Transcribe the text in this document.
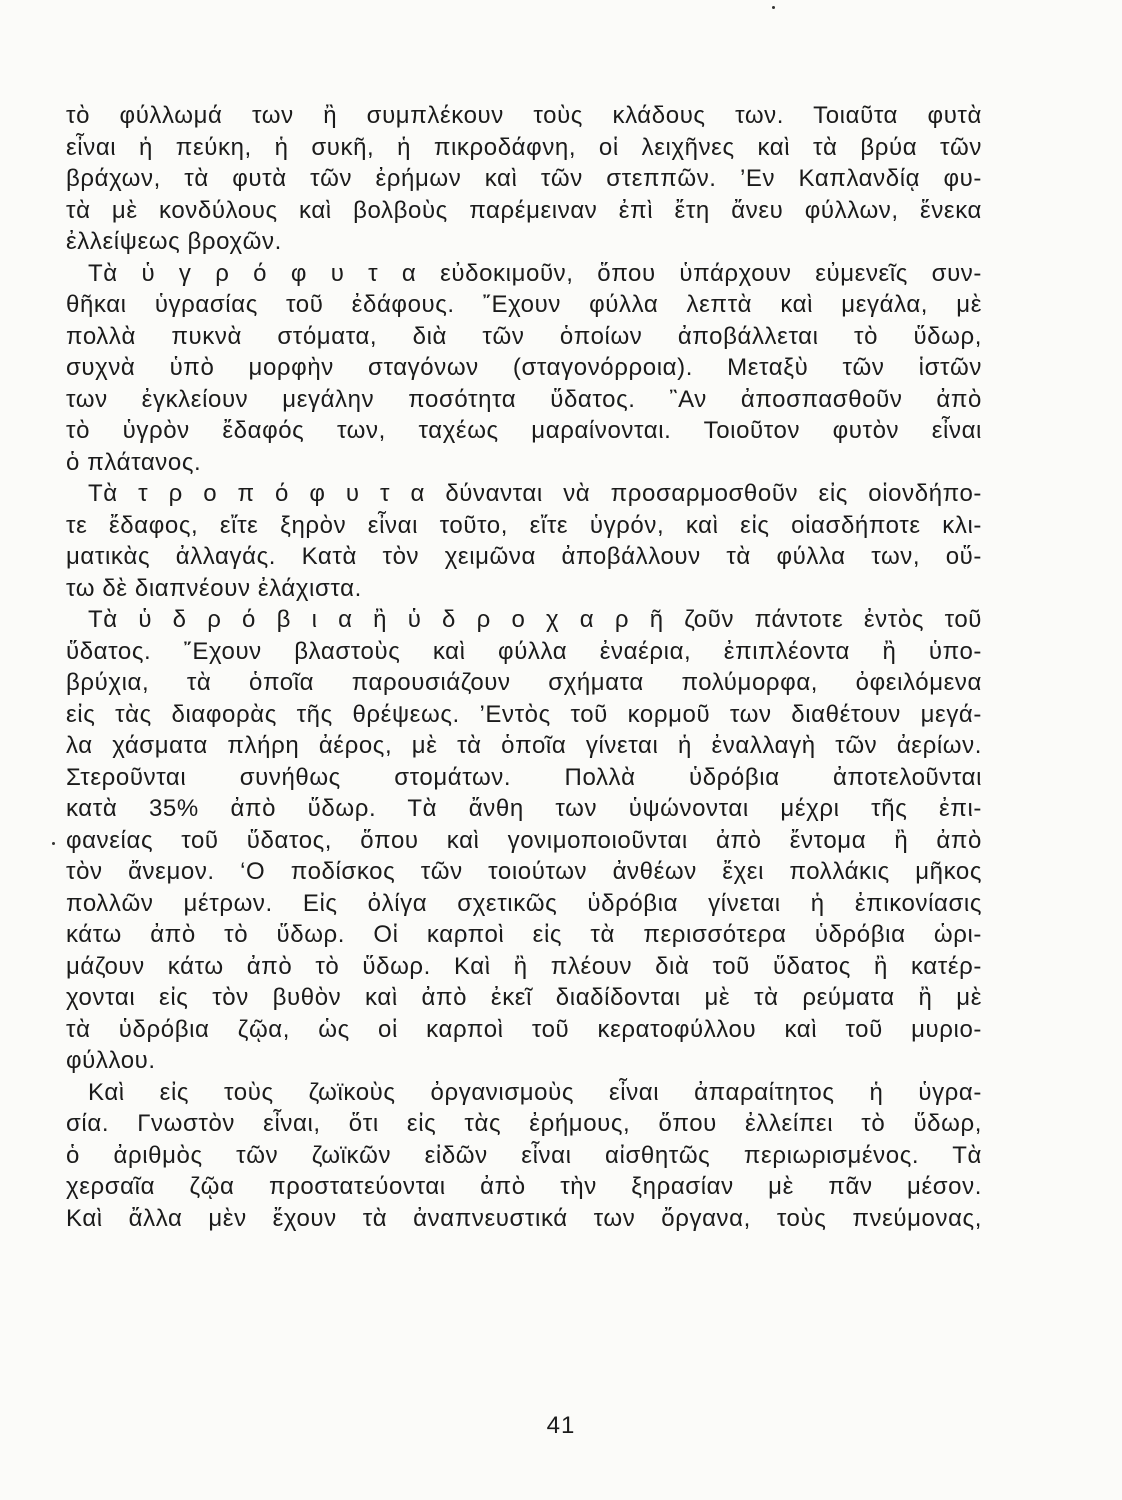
τὸ φύλλωμά των ἢ συμπλέκουν τοὺς κλάδους των. Τοιαῦτα φυτὰ
εἶναι ἡ πεύκη, ἡ συκῆ, ἡ πικροδάφνη, οἱ λειχῆνες καὶ τὰ βρύα τῶν
βράχων, τὰ φυτὰ τῶν ἐρήμων καὶ τῶν στεππῶν. ’Εν Καπλανδίᾳ φυ-
τὰ μὲ κονδύλους καὶ βολβοὺς παρέμειναν ἐπὶ ἔτη ἄνευ φύλλων, ἕνεκα
ἐλλείψεως βροχῶν.
Τὰ ὑ γ ρ ό φ υ τ α εὐδοκιμοῦν, ὅπου ὑπάρχουν εὐμενεῖς συν-
θῆκαι ὑγρασίας τοῦ ἐδάφους. ῎Εχουν φύλλα λεπτὰ καὶ μεγάλα, μὲ
πολλὰ πυκνὰ στόματα, διὰ τῶν ὁποίων ἀποβάλλεται τὸ ὕδωρ,
συχνὰ ὑπὸ μορφὴν σταγόνων (σταγονόρροια). Μεταξὺ τῶν ἱστῶν
των ἐγκλείουν μεγάλην ποσότητα ὕδατος. ῍Αν ἀποσπασθοῦν ἀπὸ
τὸ ὑγρὸν ἔδαφός των, ταχέως μαραίνονται. Τοιοῦτον φυτὸν εἶναι
ὁ πλάτανος.
Τὰ τ ρ ο π ό φ υ τ α δύνανται νὰ προσαρμοσθοῦν εἰς οἱονδήπο-
τε ἔδαφος, εἴτε ξηρὸν εἶναι τοῦτο, εἴτε ὑγρόν, καὶ εἰς οἱασδήποτε κλι-
ματικὰς ἀλλαγάς. Κατὰ τὸν χειμῶνα ἀποβάλλουν τὰ φύλλα των, οὕ-
τω δὲ διαπνέουν ἐλάχιστα.
Τὰ ὑ δ ρ ό β ι α ἢ ὑ δ ρ ο χ α ρ ῆ ζοῦν πάντοτε ἐντὸς τοῦ
ὕδατος. ῎Εχουν βλαστοὺς καὶ φύλλα ἐναέρια, ἐπιπλέοντα ἢ ὑπο-
βρύχια, τὰ ὁποῖα παρουσιάζουν σχήματα πολύμορφα, ὀφειλόμενα
εἰς τὰς διαφορὰς τῆς θρέψεως. ’Εντὸς τοῦ κορμοῦ των διαθέτουν μεγά-
λα χάσματα πλήρη ἀέρος, μὲ τὰ ὁποῖα γίνεται ἡ ἐναλλαγὴ τῶν ἀερίων.
Στεροῦνται συνήθως στομάτων. Πολλὰ ὑδρόβια ἀποτελοῦνται
κατὰ 35% ἀπὸ ὕδωρ. Τὰ ἄνθη των ὑψώνονται μέχρι τῆς ἐπι-
φανείας τοῦ ὕδατος, ὅπου καὶ γονιμοποιοῦνται ἀπὸ ἔντομα ἢ ἀπὸ
τὸν ἄνεμον. ‘Ο ποδίσκος τῶν τοιούτων ἀνθέων ἔχει πολλάκις μῆκος
πολλῶν μέτρων. Εἰς ὀλίγα σχετικῶς ὑδρόβια γίνεται ἡ ἐπικονίασις
κάτω ἀπὸ τὸ ὕδωρ. Οἱ καρποὶ εἰς τὰ περισσότερα ὑδρόβια ὡρι-
μάζουν κάτω ἀπὸ τὸ ὕδωρ. Καὶ ἢ πλέουν διὰ τοῦ ὕδατος ἢ κατέρ-
χονται εἰς τὸν βυθὸν καὶ ἀπὸ ἐκεῖ διαδίδονται μὲ τὰ ρεύματα ἢ μὲ
τὰ ὑδρόβια ζῷα, ὡς οἱ καρποὶ τοῦ κερατοφύλλου καὶ τοῦ μυριο-
φύλλου.
Καὶ εἰς τοὺς ζωϊκοὺς ὀργανισμοὺς εἶναι ἀπαραίτητος ἡ ὑγρα-
σία. Γνωστὸν εἶναι, ὅτι εἰς τὰς ἐρήμους, ὅπου ἐλλείπει τὸ ὕδωρ,
ὁ ἀριθμὸς τῶν ζωϊκῶν εἰδῶν εἶναι αἰσθητῶς περιωρισμένος. Τὰ
χερσαῖα ζῷα προστατεύονται ἀπὸ τὴν ξηρασίαν μὲ πᾶν μέσον.
Καὶ ἄλλα μὲν ἔχουν τὰ ἀναπνευστικά των ὄργανα, τοὺς πνεύμονας,
41
